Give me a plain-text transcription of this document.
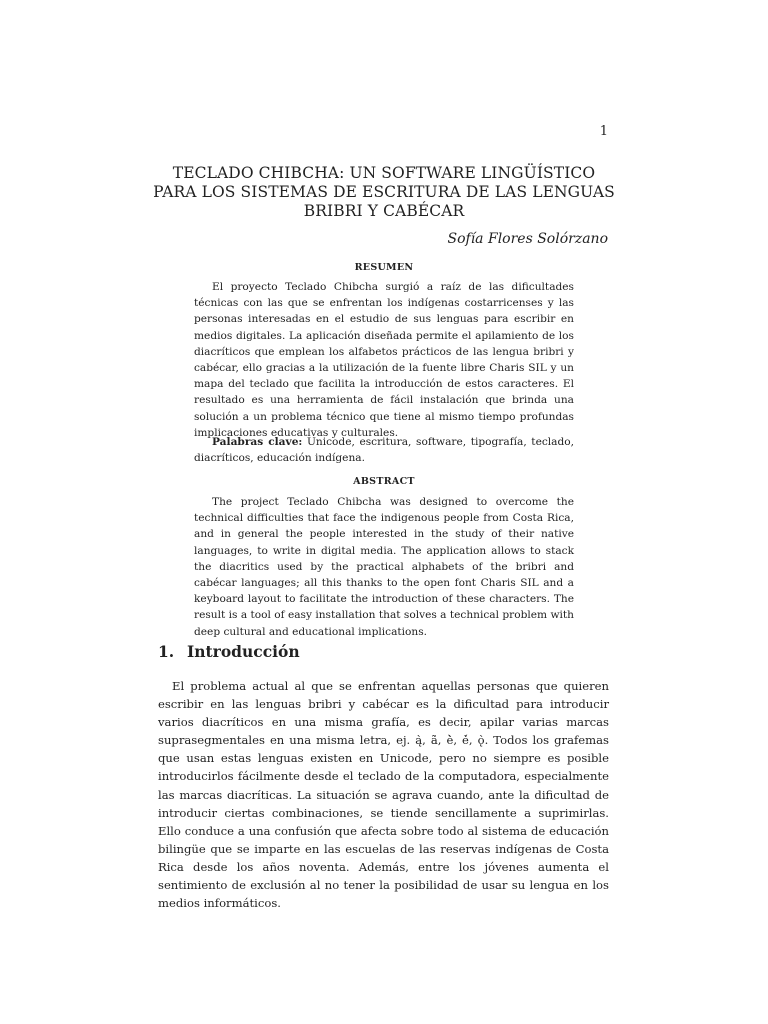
1
TECLADO CHIBCHA: UN SOFTWARE LINGÜÍSTICO PARA LOS SISTEMAS DE ESCRITURA DE LAS LENGUAS BRIBRI Y CABÉCAR
Sofía Flores Solórzano
RESUMEN

El proyecto Teclado Chibcha surgió a raíz de las dificultades técnicas con las que se enfrentan los indígenas costarricenses y las personas interesadas en el estudio de sus lenguas para escribir en medios digitales. La aplicación diseñada permite el apilamiento de los diacríticos que emplean los alfabetos prácticos de las lengua bribri y cabécar, ello gracias a la utilización de la fuente libre Charis SIL y un mapa del teclado que facilita la introducción de estos caracteres. El resultado es una herramienta de fácil instalación que brinda una solución a un problema técnico que tiene al mismo tiempo profundas implicaciones educativas y culturales.

Palabras clave: Unicode, escritura, software, tipografía, teclado, diacríticos, educación indígena.

ABSTRACT

The project Teclado Chibcha was designed to overcome the technical difficulties that face the indigenous people from Costa Rica, and in general the people interested in the study of their native languages, to write in digital media. The application allows to stack the diacritics used by the practical alphabets of the bribri and cabécar languages; all this thanks to the open font Charis SIL and a keyboard layout to facilitate the introduction of these characters. The result is a tool of easy installation that solves a technical problem with deep cultural and educational implications.

1. Introducción

El problema actual al que se enfrentan aquellas personas que quieren escribir en las lenguas bribri y cabécar es la dificultad para introducir varios diacríticos en una misma grafía, es decir, apilar varias marcas suprasegmentales en una misma letra, ej. ą̀, ã̀, è̀, é̀, ǫ̀. Todos los grafemas que usan estas lenguas existen en Unicode, pero no siempre es posible introducirlos fácilmente desde el teclado de la computadora, especialmente las marcas diacríticas. La situación se agrava cuando, ante la dificultad de introducir ciertas combinaciones, se tiende sencillamente a suprimirlas. Ello conduce a una confusión que afecta sobre todo al sistema de educación bilingüe que se imparte en las escuelas de las reservas indígenas de Costa Rica desde los años noventa. Además, entre los jóvenes aumenta el sentimiento de exclusión al no tener la posibilidad de usar su lengua en los medios informáticos.
